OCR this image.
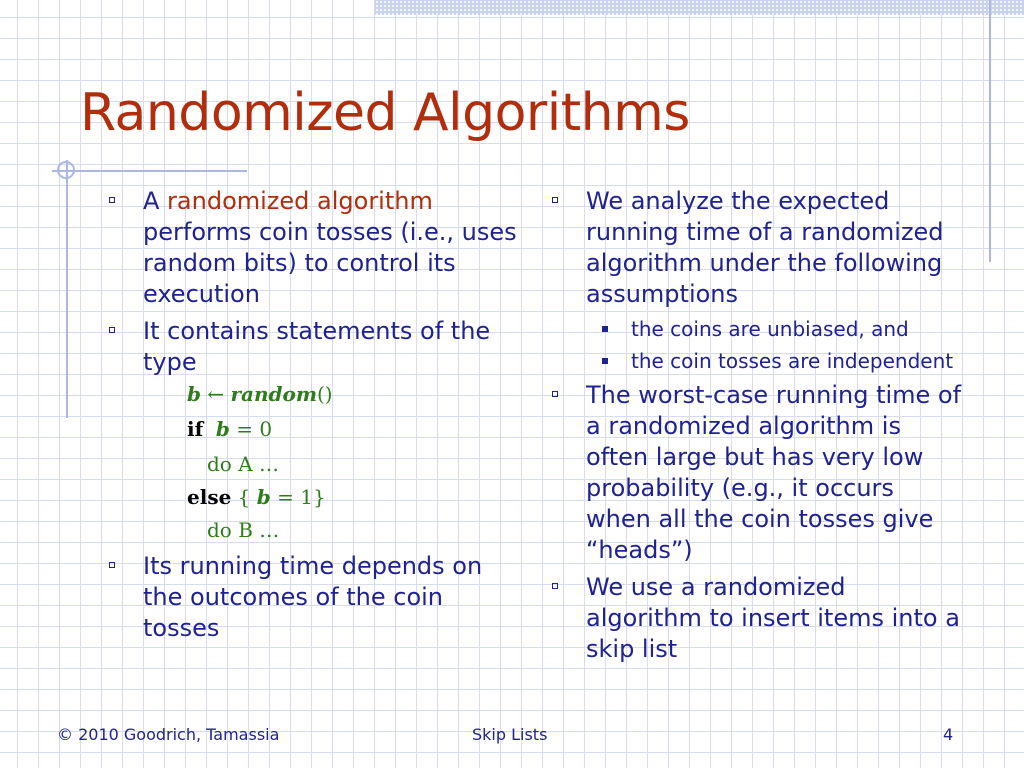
Randomized Algorithms
A randomized algorithm performs coin tosses (i.e., uses random bits) to control its execution
It contains statements of the type
b ← random()
if b = 0
do A …
else { b = 1}
do B …
Its running time depends on the outcomes of the coin tosses
We analyze the expected running time of a randomized algorithm under the following assumptions
the coins are unbiased, and
the coin tosses are independent
The worst-case running time of a randomized algorithm is often large but has very low probability (e.g., it occurs when all the coin tosses give “heads”)
We use a randomized algorithm to insert items into a skip list
© 2010 Goodrich, Tamassia	Skip Lists	4
